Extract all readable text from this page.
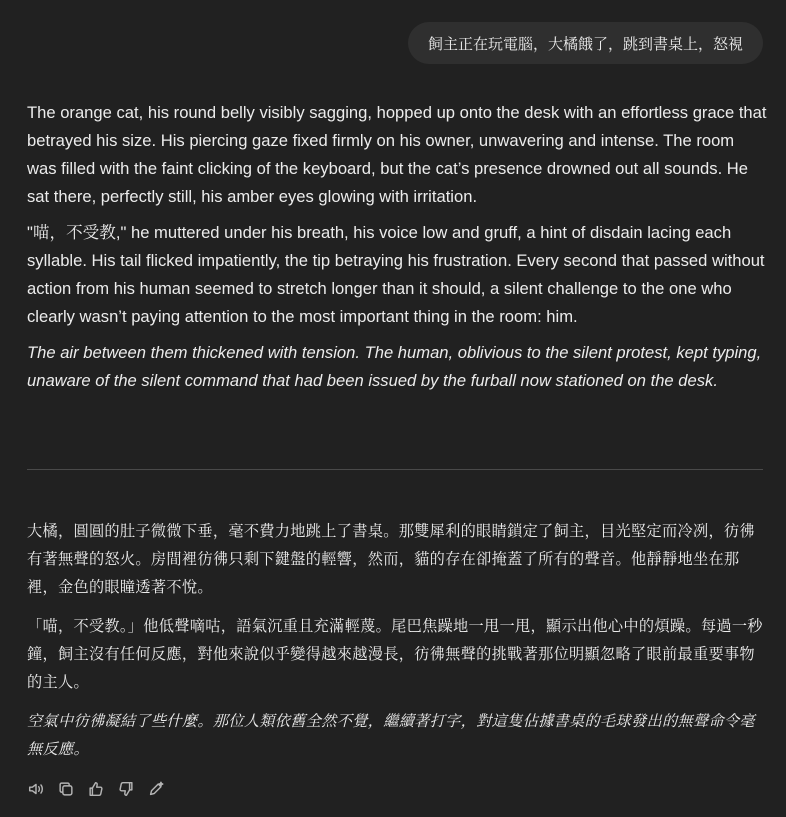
飼主正在玩電腦，大橘餓了，跳到書桌上，怒視

The orange cat, his round belly visibly sagging, hopped up onto the desk with an effortless grace that betrayed his size. His piercing gaze fixed firmly on his owner, unwavering and intense. The room was filled with the faint clicking of the keyboard, but the cat’s presence drowned out all sounds. He sat there, perfectly still, his amber eyes glowing with irritation.

"喵，不受教," he muttered under his breath, his voice low and gruff, a hint of disdain lacing each syllable. His tail flicked impatiently, the tip betraying his frustration. Every second that passed without action from his human seemed to stretch longer than it should, a silent challenge to the one who clearly wasn’t paying attention to the most important thing in the room: him.

The air between them thickened with tension. The human, oblivious to the silent protest, kept typing, unaware of the silent command that had been issued by the furball now stationed on the desk.

大橘，圓圓的肚子微微下垂，毫不費力地跳上了書桌。那雙犀利的眼睛鎖定了飼主，目光堅定而冷冽，彷彿有著無聲的怒火。房間裡彷彿只剩下鍵盤的輕響，然而，貓的存在卻掩蓋了所有的聲音。他靜靜地坐在那裡，金色的眼瞳透著不悅。

「喵，不受教。」他低聲嘀咕，語氣沉重且充滿輕蔑。尾巴焦躁地一甩一甩，顯示出他心中的煩躁。每過一秒鐘，飼主沒有任何反應，對他來說似乎變得越來越漫長，彷彿無聲的挑戰著那位明顯忽略了眼前最重要事物的主人。

空氣中彷彿凝結了些什麼。那位人類依舊全然不覺，繼續著打字，對這隻佔據書桌的毛球發出的無聲命令毫無反應。
